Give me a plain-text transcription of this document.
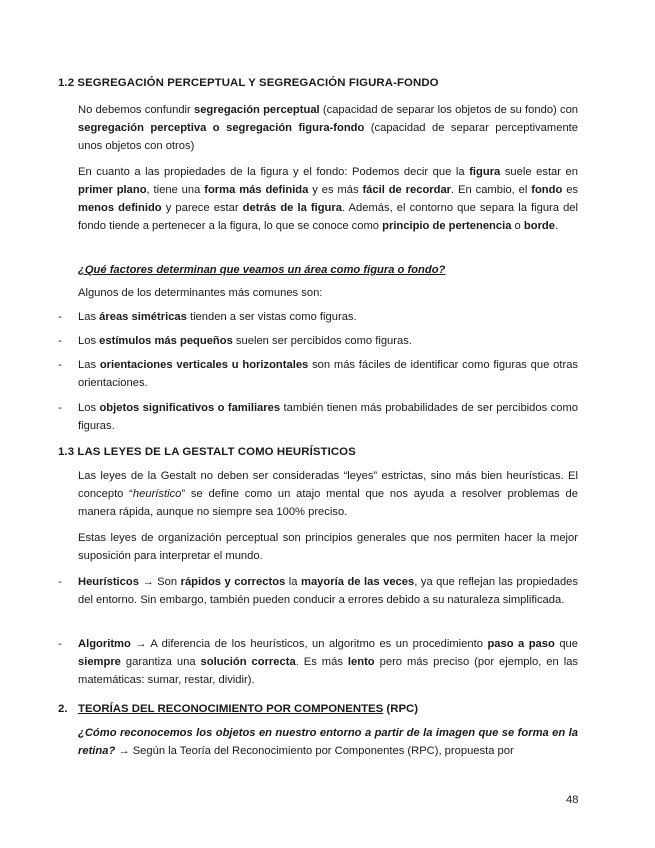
1.2 SEGREGACIÓN PERCEPTUAL Y SEGREGACIÓN FIGURA-FONDO
No debemos confundir segregación perceptual (capacidad de separar los objetos de su fondo) con segregación perceptiva o segregación figura-fondo (capacidad de separar perceptivamente unos objetos con otros)
En cuanto a las propiedades de la figura y el fondo: Podemos decir que la figura suele estar en primer plano, tiene una forma más definida y es más fácil de recordar. En cambio, el fondo es menos definido y parece estar detrás de la figura. Además, el contorno que separa la figura del fondo tiende a pertenecer a la figura, lo que se conoce como principio de pertenencia o borde.
¿Qué factores determinan que veamos un área como figura o fondo?
Algunos de los determinantes más comunes son:
- Las áreas simétricas tienden a ser vistas como figuras.
- Los estímulos más pequeños suelen ser percibidos como figuras.
- Las orientaciones verticales u horizontales son más fáciles de identificar como figuras que otras orientaciones.
- Los objetos significativos o familiares también tienen más probabilidades de ser percibidos como figuras.
1.3 LAS LEYES DE LA GESTALT COMO HEURÍSTICOS
Las leyes de la Gestalt no deben ser consideradas “leyes” estrictas, sino más bien heurísticas. El concepto “heurístico” se define como un atajo mental que nos ayuda a resolver problemas de manera rápida, aunque no siempre sea 100% preciso.
Estas leyes de organización perceptual son principios generales que nos permiten hacer la mejor suposición para interpretar el mundo.
- Heurísticos → Son rápidos y correctos la mayoría de las veces, ya que reflejan las propiedades del entorno. Sin embargo, también pueden conducir a errores debido a su naturaleza simplificada.
- Algoritmo → A diferencia de los heurísticos, un algoritmo es un procedimiento paso a paso que siempre garantiza una solución correcta. Es más lento pero más preciso (por ejemplo, en las matemáticas: sumar, restar, dividir).
2. TEORÍAS DEL RECONOCIMIENTO POR COMPONENTES (RPC)
¿Cómo reconocemos los objetos en nuestro entorno a partir de la imagen que se forma en la retina? → Según la Teoría del Reconocimiento por Componentes (RPC), propuesta por
48
